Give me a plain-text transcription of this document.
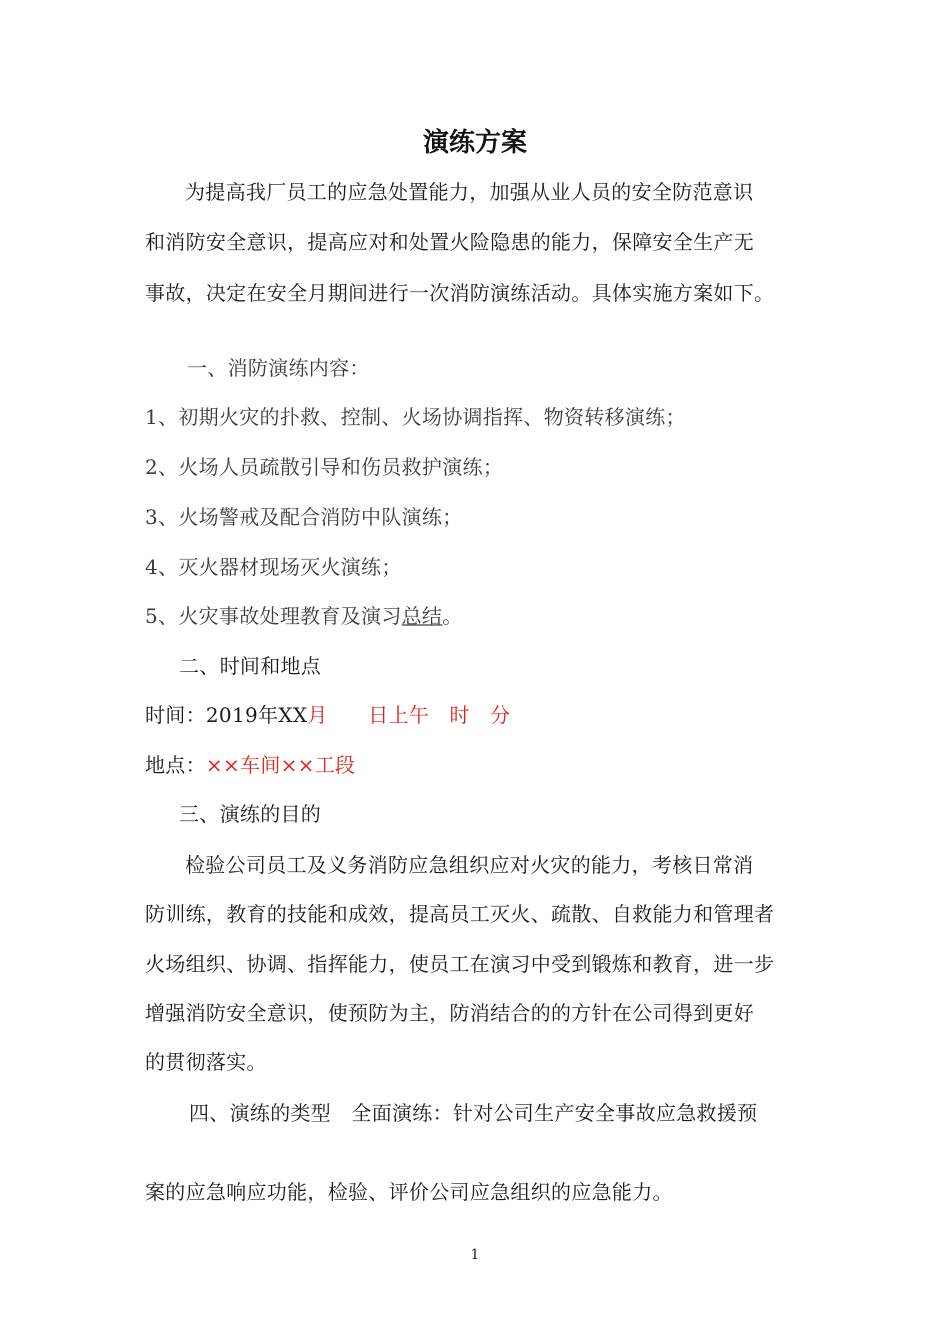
演练方案
为提高我厂员工的应急处置能力，加强从业人员的安全防范意识
和消防安全意识，提高应对和处置火险隐患的能力，保障安全生产无
事故，决定在安全月期间进行一次消防演练活动。具体实施方案如下。
一、消防演练内容：
1、初期火灾的扑救、控制、火场协调指挥、物资转移演练；
2、火场人员疏散引导和伤员救护演练；
3、火场警戒及配合消防中队演练；
4、灭火器材现场灭火演练；
5、火灾事故处理教育及演习总结。
二、时间和地点
时间：2019年XX月　　日上午　时　分
地点：××车间××工段
三、演练的目的
检验公司员工及义务消防应急组织应对火灾的能力，考核日常消
防训练，教育的技能和成效，提高员工灭火、疏散、自救能力和管理者
火场组织、协调、指挥能力，使员工在演习中受到锻炼和教育，进一步
增强消防安全意识，使预防为主，防消结合的的方针在公司得到更好
的贯彻落实。
四、演练的类型　全面演练：针对公司生产安全事故应急救援预
案的应急响应功能，检验、评价公司应急组织的应急能力。
1
